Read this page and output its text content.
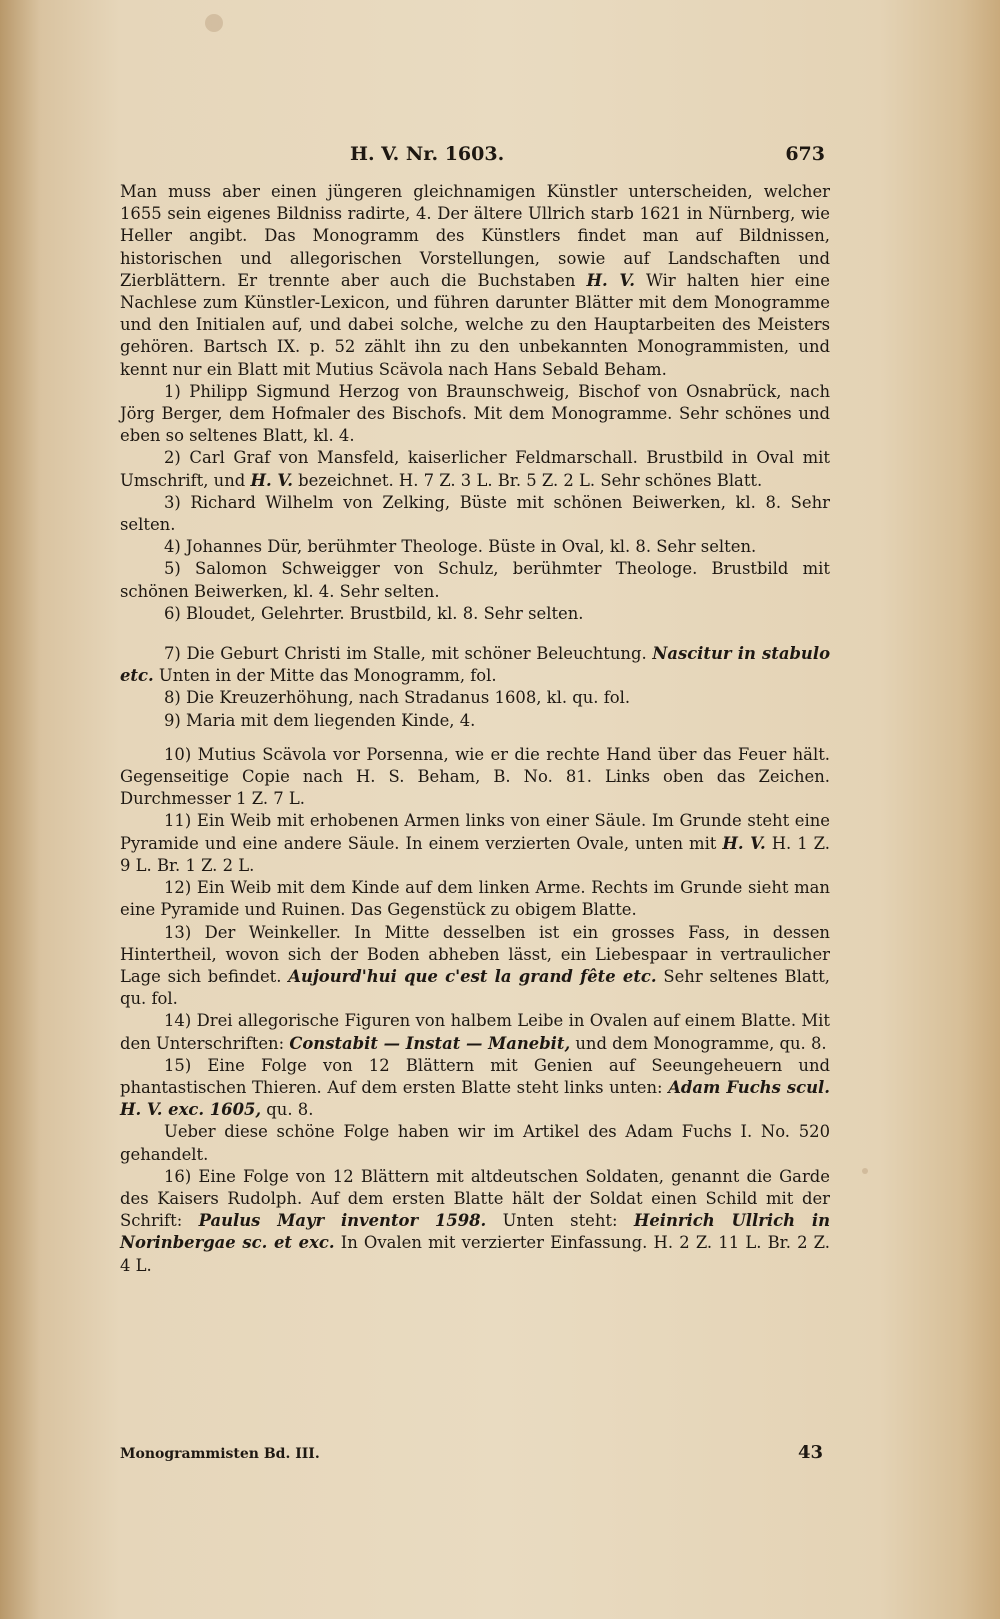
H. V. Nr. 1603.	673

Man muss aber einen jüngeren gleichnamigen Künstler unterscheiden, welcher 1655 sein eigenes Bildniss radirte, 4. Der ältere Ullrich starb 1621 in Nürnberg, wie Heller angibt. Das Monogramm des Künstlers findet man auf Bildnissen, historischen und allegorischen Vorstellungen, sowie auf Landschaften und Zierblättern. Er trennte aber auch die Buchstaben H. V. Wir halten hier eine Nachlese zum Künstler-Lexicon, und führen darunter Blätter mit dem Monogramme und den Initialen auf, und dabei solche, welche zu den Hauptarbeiten des Meisters gehören. Bartsch IX. p. 52 zählt ihn zu den unbekannten Monogrammisten, und kennt nur ein Blatt mit Mutius Scävola nach Hans Sebald Beham.

1) Philipp Sigmund Herzog von Braunschweig, Bischof von Osnabrück, nach Jörg Berger, dem Hofmaler des Bischofs. Mit dem Monogramme. Sehr schönes und eben so seltenes Blatt, kl. 4.

2) Carl Graf von Mansfeld, kaiserlicher Feldmarschall. Brustbild in Oval mit Umschrift, und H. V. bezeichnet. H. 7 Z. 3 L. Br. 5 Z. 2 L. Sehr schönes Blatt.

3) Richard Wilhelm von Zelking, Büste mit schönen Beiwerken, kl. 8. Sehr selten.

4) Johannes Dür, berühmter Theologe. Büste in Oval, kl. 8. Sehr selten.

5) Salomon Schweigger von Schulz, berühmter Theologe. Brustbild mit schönen Beiwerken, kl. 4. Sehr selten.

6) Bloudet, Gelehrter. Brustbild, kl. 8. Sehr selten.

7) Die Geburt Christi im Stalle, mit schöner Beleuchtung. Nascitur in stabulo etc. Unten in der Mitte das Monogramm, fol.

8) Die Kreuzerhöhung, nach Stradanus 1608, kl. qu. fol.

9) Maria mit dem liegenden Kinde, 4.

10) Mutius Scävola vor Porsenna, wie er die rechte Hand über das Feuer hält. Gegenseitige Copie nach H. S. Beham, B. No. 81. Links oben das Zeichen. Durchmesser 1 Z. 7 L.

11) Ein Weib mit erhobenen Armen links von einer Säule. Im Grunde steht eine Pyramide und eine andere Säule. In einem verzierten Ovale, unten mit H. V. H. 1 Z. 9 L. Br. 1 Z. 2 L.

12) Ein Weib mit dem Kinde auf dem linken Arme. Rechts im Grunde sieht man eine Pyramide und Ruinen. Das Gegenstück zu obigem Blatte.

13) Der Weinkeller. In Mitte desselben ist ein grosses Fass, in dessen Hintertheil, wovon sich der Boden abheben lässt, ein Liebespaar in vertraulicher Lage sich befindet. Aujourd'hui que c'est la grand fête etc. Sehr seltenes Blatt, qu. fol.

14) Drei allegorische Figuren von halbem Leibe in Ovalen auf einem Blatte. Mit den Unterschriften: Constabit — Instat — Manebit, und dem Monogramme, qu. 8.

15) Eine Folge von 12 Blättern mit Genien auf Seeungeheuern und phantastischen Thieren. Auf dem ersten Blatte steht links unten: Adam Fuchs scul. H. V. exc. 1605, qu. 8.

Ueber diese schöne Folge haben wir im Artikel des Adam Fuchs I. No. 520 gehandelt.

16) Eine Folge von 12 Blättern mit altdeutschen Soldaten, genannt die Garde des Kaisers Rudolph. Auf dem ersten Blatte hält der Soldat einen Schild mit der Schrift: Paulus Mayr inventor 1598. Unten steht: Heinrich Ullrich in Norinbergae sc. et exc. In Ovalen mit verzierter Einfassung. H. 2 Z. 11 L. Br. 2 Z. 4 L.

Monogrammisten Bd. III.	43
